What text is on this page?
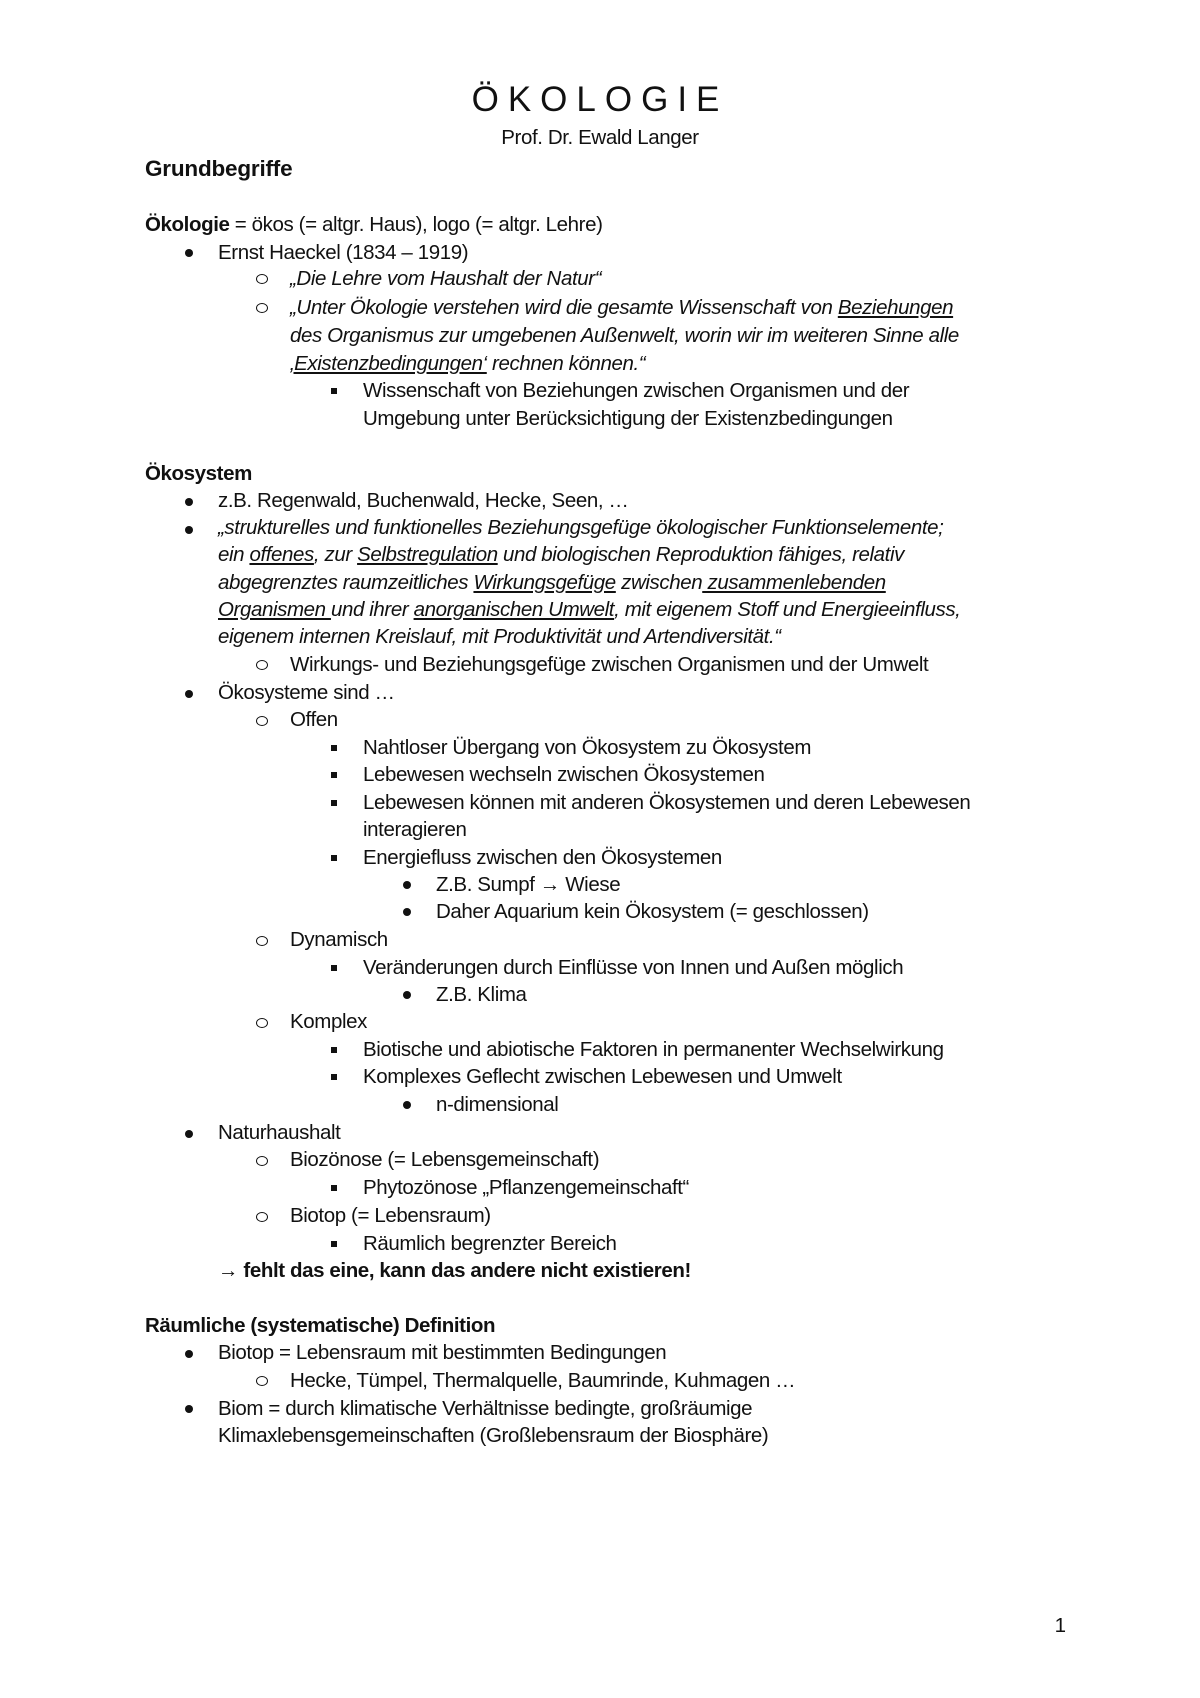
ÖKOLOGIE
Prof. Dr. Ewald Langer
Grundbegriffe
Ökologie = ökos (= altgr. Haus), logo (= altgr. Lehre)
Ernst Haeckel (1834 – 1919)
„Die Lehre vom Haushalt der Natur“
„Unter Ökologie verstehen wird die gesamte Wissenschaft von Beziehungen
des Organismus zur umgebenen Außenwelt, worin wir im weiteren Sinne alle
‚Existenzbedingungen‘ rechnen können.“
Wissenschaft von Beziehungen zwischen Organismen und der
Umgebung unter Berücksichtigung der Existenzbedingungen
Ökosystem
z.B. Regenwald, Buchenwald, Hecke, Seen, …
„strukturelles und funktionelles Beziehungsgefüge ökologischer Funktionselemente;
ein offenes, zur Selbstregulation und biologischen Reproduktion fähiges, relativ
abgegrenztes raumzeitliches Wirkungsgefüge zwischen zusammenlebenden
Organismen und ihrer anorganischen Umwelt, mit eigenem Stoff und Energieeinfluss,
eigenem internen Kreislauf, mit Produktivität und Artendiversität.“
Wirkungs- und Beziehungsgefüge zwischen Organismen und der Umwelt
Ökosysteme sind …
Offen
Nahtloser Übergang von Ökosystem zu Ökosystem
Lebewesen wechseln zwischen Ökosystemen
Lebewesen können mit anderen Ökosystemen und deren Lebewesen
interagieren
Energiefluss zwischen den Ökosystemen
Z.B. Sumpf → Wiese
Daher Aquarium kein Ökosystem (= geschlossen)
Dynamisch
Veränderungen durch Einflüsse von Innen und Außen möglich
Z.B. Klima
Komplex
Biotische und abiotische Faktoren in permanenter Wechselwirkung
Komplexes Geflecht zwischen Lebewesen und Umwelt
n-dimensional
Naturhaushalt
Biozönose (= Lebensgemeinschaft)
Phytozönose „Pflanzengemeinschaft“
Biotop (= Lebensraum)
Räumlich begrenzter Bereich
→ fehlt das eine, kann das andere nicht existieren!
Räumliche (systematische) Definition
Biotop = Lebensraum mit bestimmten Bedingungen
Hecke, Tümpel, Thermalquelle, Baumrinde, Kuhmagen …
Biom = durch klimatische Verhältnisse bedingte, großräumige
Klimaxlebensgemeinschaften (Großlebensraum der Biosphäre)
1
